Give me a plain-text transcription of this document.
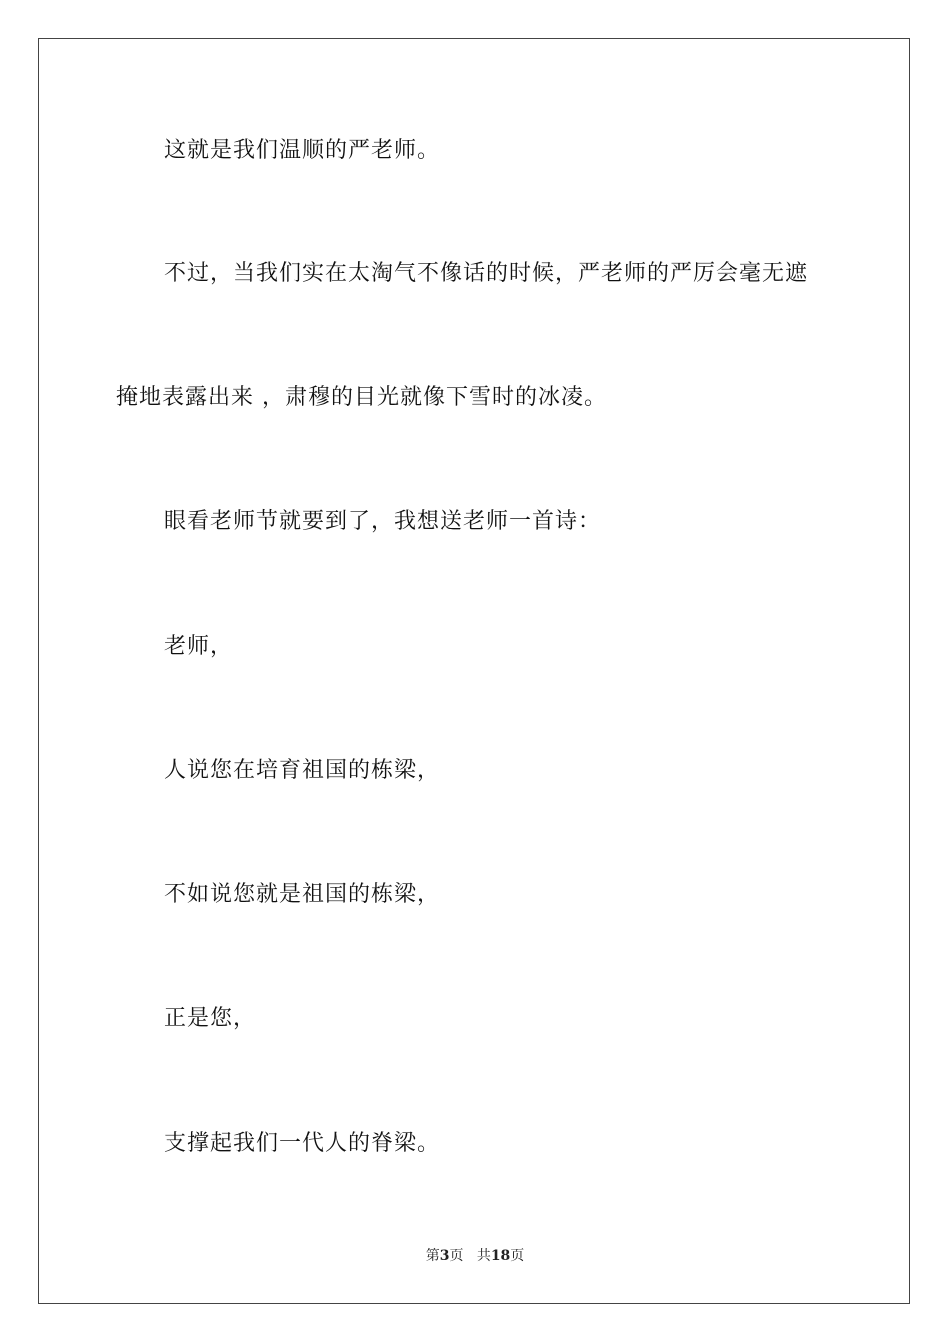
这就是我们温顺的严老师。
不过，当我们实在太淘气不像话的时候，严老师的严厉会毫无遮
掩地表露出来 ，肃穆的目光就像下雪时的冰凌。
眼看老师节就要到了，我想送老师一首诗：
老师，
人说您在培育祖国的栋梁，
不如说您就是祖国的栋梁，
正是您，
支撑起我们一代人的脊梁。
第3页 共18页
